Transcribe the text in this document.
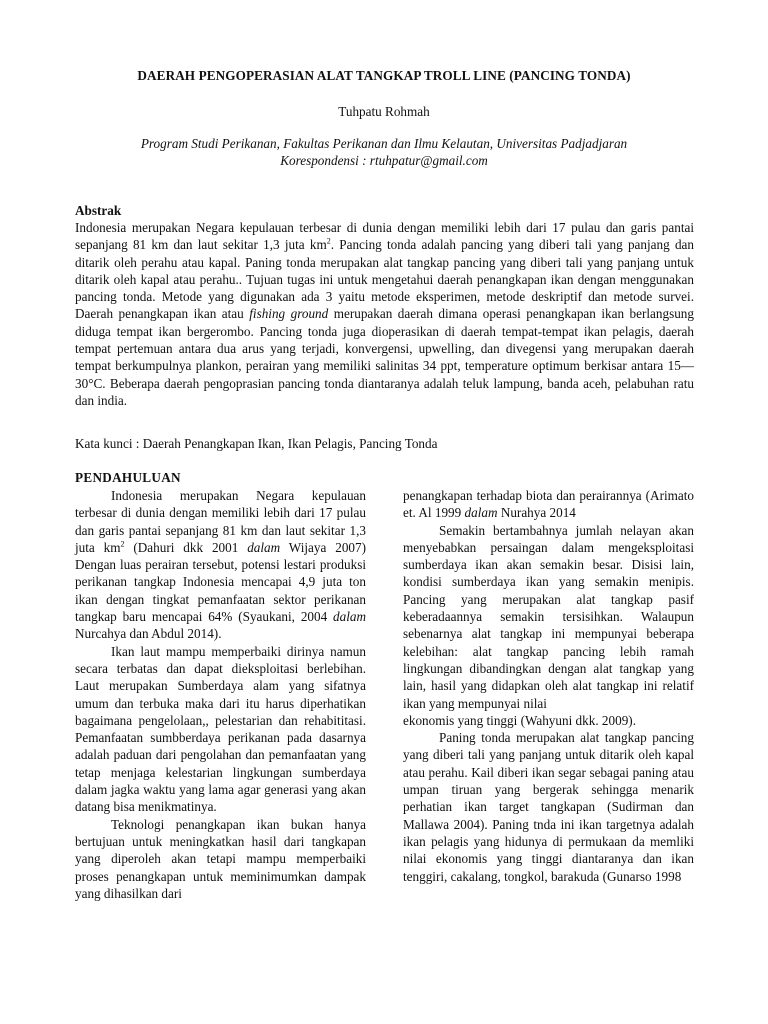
DAERAH PENGOPERASIAN ALAT TANGKAP TROLL LINE (PANCING TONDA)
Tuhpatu Rohmah
Program Studi Perikanan, Fakultas Perikanan dan Ilmu Kelautan, Universitas Padjadjaran
Korespondensi : rtuhpatur@gmail.com
Abstrak
Indonesia merupakan Negara kepulauan terbesar di dunia dengan memiliki lebih dari 17 pulau dan garis pantai sepanjang 81 km dan laut sekitar 1,3 juta $km^2$. Pancing tonda adalah pancing yang diberi tali yang panjang dan ditarik oleh perahu atau kapal. Paning tonda merupakan alat tangkap pancing yang diberi tali yang panjang untuk ditarik oleh kapal atau perahu.. Tujuan tugas ini untuk mengetahui daerah penangkapan ikan dengan menggunakan pancing tonda. Metode yang digunakan ada 3 yaitu metode eksperimen, metode deskriptif dan metode survei. Daerah penangkapan ikan atau fishing ground merupakan daerah dimana operasi penangkapan ikan berlangsung diduga tempat ikan bergerombo. Pancing tonda juga dioperasikan di daerah tempat-tempat ikan pelagis, daerah tempat pertemuan antara dua arus yang terjadi, konvergensi, upwelling, dan divegensi yang merupakan daerah tempat berkumpulnya plankon, perairan yang memiliki salinitas 34 ppt, temperature optimum berkisar antara 15—30°C. Beberapa daerah pengoprasian pancing tonda diantaranya adalah teluk lampung, banda aceh, pelabuhan ratu dan india.
Kata kunci : Daerah Penangkapan Ikan, Ikan Pelagis, Pancing Tonda
PENDAHULUAN

Indonesia merupakan Negara kepulauan terbesar di dunia dengan memiliki lebih dari 17 pulau dan garis pantai sepanjang 81 km dan laut sekitar 1,3 juta $km^2$ (Dahuri dkk 2001 dalam Wijaya 2007) Dengan luas perairan tersebut, potensi lestari produksi perikanan tangkap Indonesia mencapai 4,9 juta ton ikan dengan tingkat pemanfaatan sektor perikanan tangkap baru mencapai 64% (Syaukani, 2004 dalam Nurcahya dan Abdul 2014).

Ikan laut mampu memperbaiki dirinya namun secara terbatas dan dapat dieksploitasi berlebihan. Laut merupakan Sumberdaya alam yang sifatnya umum dan terbuka maka dari itu harus diperhatikan bagaimana pengelolaan,, pelestarian dan rehabititasi. Pemanfaatan sumbberdaya perikanan pada dasarnya adalah paduan dari pengolahan dan pemanfaatan yang tetap menjaga kelestarian lingkungan sumberdaya dalam jagka waktu yang lama agar generasi yang akan datang bisa menikmatinya.

Teknologi penangkapan ikan bukan hanya bertujuan untuk meningkatkan hasil dari tangkapan yang diperoleh akan tetapi mampu memperbaiki proses penangkapan untuk meminimumkan dampak yang dihasilkan dari

penangkapan terhadap biota dan perairannya (Arimato et. Al 1999 dalam Nurahya 2014

Semakin bertambahnya jumlah nelayan akan menyebabkan persaingan dalam mengeksploitasi sumberdaya ikan akan semakin besar. Disisi lain, kondisi sumberdaya ikan yang semakin menipis. Pancing yang merupakan alat tangkap pasif keberadaannya semakin tersisihkan. Walaupun sebenarnya alat tangkap ini mempunyai beberapa kelebihan: alat tangkap pancing lebih ramah lingkungan dibandingkan dengan alat tangkap yang lain, hasil yang didapkan oleh alat tangkap ini relatif ikan yang mempunyai nilai

ekonomis yang tinggi (Wahyuni dkk. 2009).

Paning tonda merupakan alat tangkap pancing yang diberi tali yang panjang untuk ditarik oleh kapal atau perahu. Kail diberi ikan segar sebagai paning atau umpan tiruan yang bergerak sehingga menarik perhatian ikan target tangkapan (Sudirman dan Mallawa 2004). Paning tnda ini ikan targetnya adalah ikan pelagis yang hidunya di permukaan da memliki nilai ekonomis yang tinggi diantaranya dan ikan tenggiri, cakalang, tongkol, barakuda (Gunarso 1998
